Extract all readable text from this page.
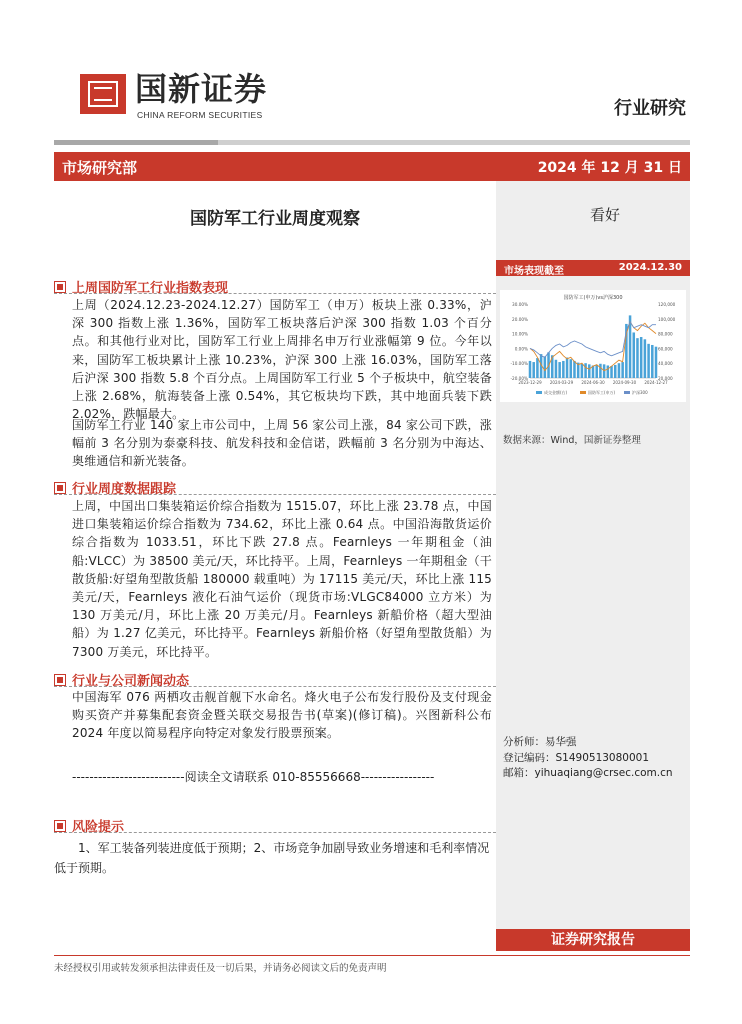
国新证券
CHINA REFORM SECURITIES	行业研究
市场研究部	2024 年 12 月 31 日
国防军工行业周度观察	看好
上周国防军工行业指数表现
上周（2024.12.23-2024.12.27）国防军工（申万）板块上涨 0.33%，沪深 300 指数上涨 1.36%，国防军工板块落后沪深 300 指数 1.03 个百分点。和其他行业对比，国防军工行业上周排名申万行业涨幅第 9 位。今年以来，国防军工板块累计上涨 10.23%，沪深 300 上涨 16.03%，国防军工落后沪深 300 指数 5.8 个百分点。上周国防军工行业 5 个子板块中，航空装备上涨 2.68%，航海装备上涨 0.54%，其它板块均下跌，其中地面兵装下跌 2.02%，跌幅最大。
国防军工行业 140 家上市公司中，上周 56 家公司上涨，84 家公司下跌，涨幅前 3 名分别为泰豪科技、航发科技和金信诺，跌幅前 3 名分别为中海达、奥维通信和新光装备。
行业周度数据跟踪
上周，中国出口集装箱运价综合指数为 1515.07，环比上涨 23.78 点，中国进口集装箱运价综合指数为 734.62，环比上涨 0.64 点。中国沿海散货运价综合指数为 1033.51，环比下跌 27.8 点。Fearnleys 一年期租金（油船:VLCC）为 38500 美元/天，环比持平。上周，Fearnleys 一年期租金（干散货船:好望角型散货船 180000 载重吨）为 17115 美元/天，环比上涨 115 美元/天，Fearnleys 液化石油气运价（现货市场:VLGC84000 立方米）为 130 万美元/月，环比上涨 20 万美元/月。Fearnleys 新船价格（超大型油船）为 1.27 亿美元，环比持平。Fearnleys 新船价格（好望角型散货船）为 7300 万美元，环比持平。
行业与公司新闻动态
中国海军 076 两栖攻击舰首舰下水命名。烽火电子公布发行股份及支付现金购买资产并募集配套资金暨关联交易报告书(草案)(修订稿)。兴图新科公布 2024 年度以简易程序向特定对象发行股票预案。
--------------------------阅读全文请联系 010-85556668-----------------
风险提示
1、军工装备列装进度低于预期；2、市场竞争加剧导致业务增速和毛利率情况低于预期。
市场表现截至	2024.12.30
国防军工(申万)vs沪深300
30.00%
20.00%
10.00%
0.00%
-10.00%
-20.00%
120,000
100,000
80,000
60,000
40,000
20,000
2023-12-29 2024-03-29 2024-06-30 2024-09-30 2024-12-27
成交金额(右)	国防军工(申万)	沪深300
数据来源：Wind，国新证券整理
分析师：易华强
登记编码：S1490513080001
邮箱：yihuaqiang@crsec.com.cn
证券研究报告
未经授权引用或转发须承担法律责任及一切后果，并请务必阅读文后的免责声明
